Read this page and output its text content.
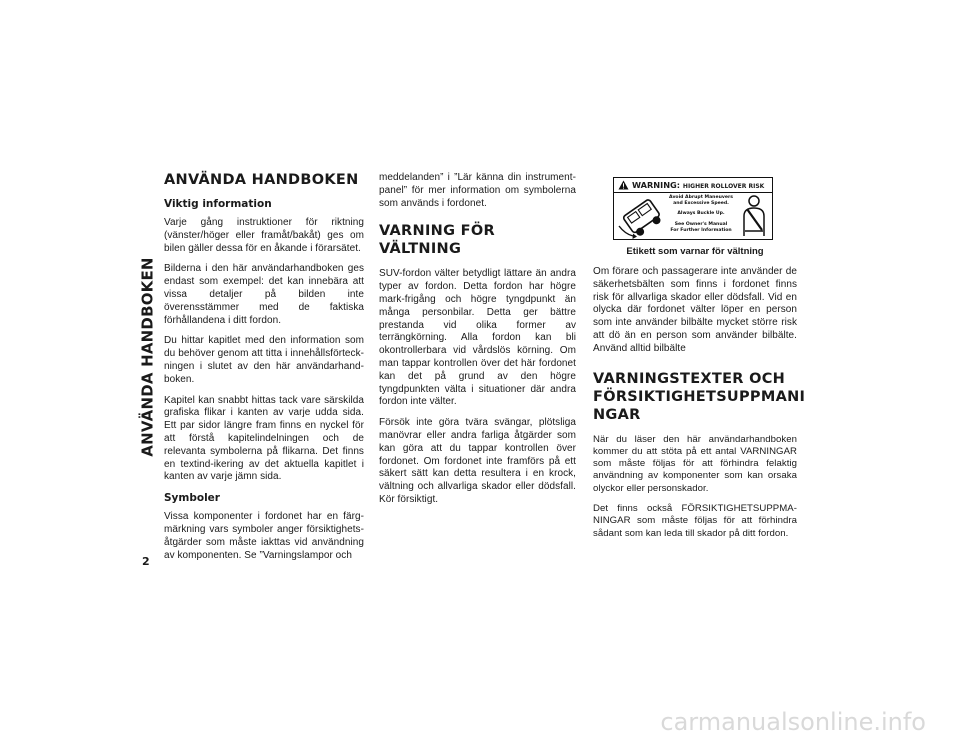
ANVÄNDA HANDBOKEN
2
ANVÄNDA HANDBOKEN
Viktig information

Varje gång instruktioner för riktning (vänster/höger eller framåt/bakåt) ges om bilen gäller dessa för en åkande i förarsätet.

Bilderna i den här användarhandboken ges endast som exempel: det kan innebära att vissa detaljer på bilden inte överensstämmer med de faktiska förhållandena i ditt fordon.

Du hittar kapitlet med den information som du behöver genom att titta i innehållsförteck-ningen i slutet av den här användarhand-boken.

Kapitel kan snabbt hittas tack vare särskilda grafiska flikar i kanten av varje udda sida. Ett par sidor längre fram finns en nyckel för att förstå kapitelindelningen och de relevanta symbolerna på flikarna. Det finns en textind-ikering av det aktuella kapitlet i kanten av varje jämn sida.

Symboler

Vissa komponenter i fordonet har en färg-märkning vars symboler anger försiktighets-åtgärder som måste iakttas vid användning av komponenten. Se ”Varningslampor och

meddelanden” i ”Lär känna din instrument-panel” för mer information om symbolerna som används i fordonet.

VARNING FÖR VÄLTNING

SUV-fordon välter betydligt lättare än andra typer av fordon. Detta fordon har högre mark-frigång och högre tyngdpunkt än många personbilar. Detta ger bättre prestanda vid olika former av terrängkörning. Alla fordon kan bli okontrollerbara vid vårdslös körning. Om man tappar kontrollen över det här fordonet kan det på grund av den högre tyngdpunkten välta i situationer där andra fordon inte välter.

Försök inte göra tvära svängar, plötsliga manövrar eller andra farliga åtgärder som kan göra att du tappar kontrollen över fordonet. Om fordonet inte framförs på ett säkert sätt kan detta resultera i en krock, vältning och allvarliga skador eller dödsfall. Kör försiktigt.

WARNING: HIGHER ROLLOVER RISK
Avoid Abrupt Maneuvers
and Excessive Speed.
Always Buckle Up.
See Owner's Manual
For Further Information
Etikett som varnar för vältning

Om förare och passagerare inte använder de säkerhetsbälten som finns i fordonet finns risk för allvarliga skador eller dödsfall. Vid en olycka där fordonet välter löper en person som inte använder bilbälte mycket större risk att dö än en person som använder bilbälte. Använd alltid bilbälte

VARNINGSTEXTER OCH
FÖRSIKTIGHETSUPPMANI
NGAR

När du läser den här användarhandboken kommer du att stöta på ett antal VARNINGAR som måste följas för att förhindra felaktig användning av komponenter som kan orsaka olyckor eller personskador.

Det finns också FÖRSIKTIGHETSUPPMA-NINGAR som måste följas för att förhindra sådant som kan leda till skador på ditt fordon.

carmanualsonline.info
